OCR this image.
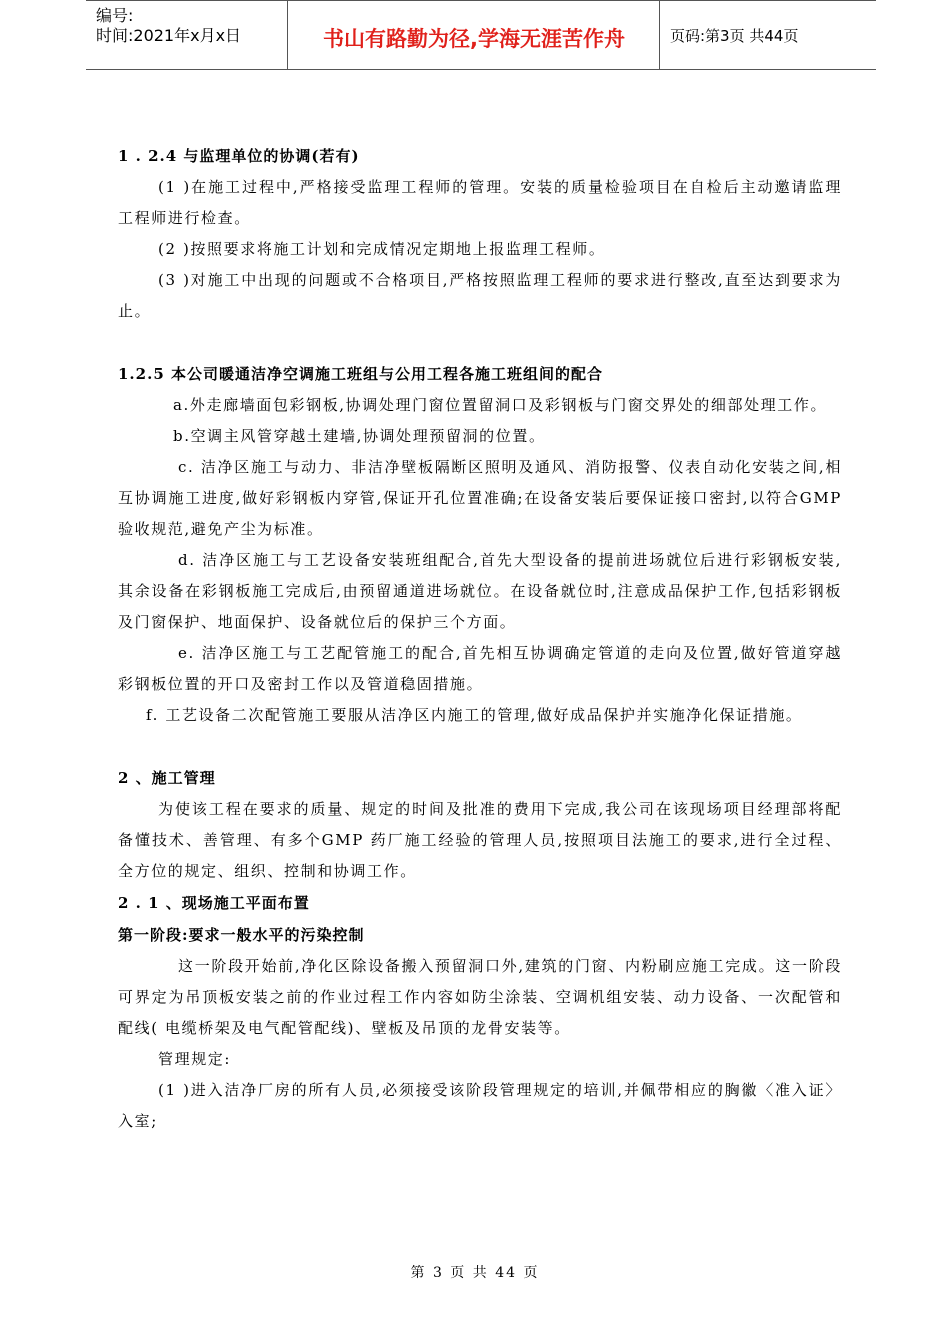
编号:
时间:2021年x月x日	书山有路勤为径,学海无涯苦作舟	页码:第3页 共44页
1 . 2.4 与监理单位的协调(若有)

(1 )在施工过程中,严格接受监理工程师的管理。安装的质量检验项目在自检后主动邀请监理工程师进行检查。

(2 )按照要求将施工计划和完成情况定期地上报监理工程师。

(3 )对施工中出现的问题或不合格项目,严格按照监理工程师的要求进行整改,直至达到要求为止。

1.2.5 本公司暖通洁净空调施工班组与公用工程各施工班组间的配合

a.外走廊墙面包彩钢板,协调处理门窗位置留洞口及彩钢板与门窗交界处的细部处理工作。

b.空调主风管穿越土建墙,协调处理预留洞的位置。

c. 洁净区施工与动力、非洁净壁板隔断区照明及通风、消防报警、仪表自动化安装之间,相互协调施工进度,做好彩钢板内穿管,保证开孔位置准确;在设备安装后要保证接口密封,以符合GMP 验收规范,避免产尘为标准。

d. 洁净区施工与工艺设备安装班组配合,首先大型设备的提前进场就位后进行彩钢板安装,其余设备在彩钢板施工完成后,由预留通道进场就位。在设备就位时,注意成品保护工作,包括彩钢板及门窗保护、地面保护、设备就位后的保护三个方面。

e. 洁净区施工与工艺配管施工的配合,首先相互协调确定管道的走向及位置,做好管道穿越彩钢板位置的开口及密封工作以及管道稳固措施。

f. 工艺设备二次配管施工要服从洁净区内施工的管理,做好成品保护并实施净化保证措施。

2 、施工管理

为使该工程在要求的质量、规定的时间及批准的费用下完成,我公司在该现场项目经理部将配备懂技术、善管理、有多个GMP 药厂施工经验的管理人员,按照项目法施工的要求,进行全过程、全方位的规定、组织、控制和协调工作。

2 . 1 、现场施工平面布置
第一阶段:要求一般水平的污染控制

这一阶段开始前,净化区除设备搬入预留洞口外,建筑的门窗、内粉刷应施工完成。这一阶段可界定为吊顶板安装之前的作业过程工作内容如防尘涂装、空调机组安装、动力设备、一次配管和配线( 电缆桥架及电气配管配线)、壁板及吊顶的龙骨安装等。

管理规定:

(1 )进入洁净厂房的所有人员,必须接受该阶段管理规定的培训,并佩带相应的胸徽〈准入证〉入室;

第 3 页 共 44 页
